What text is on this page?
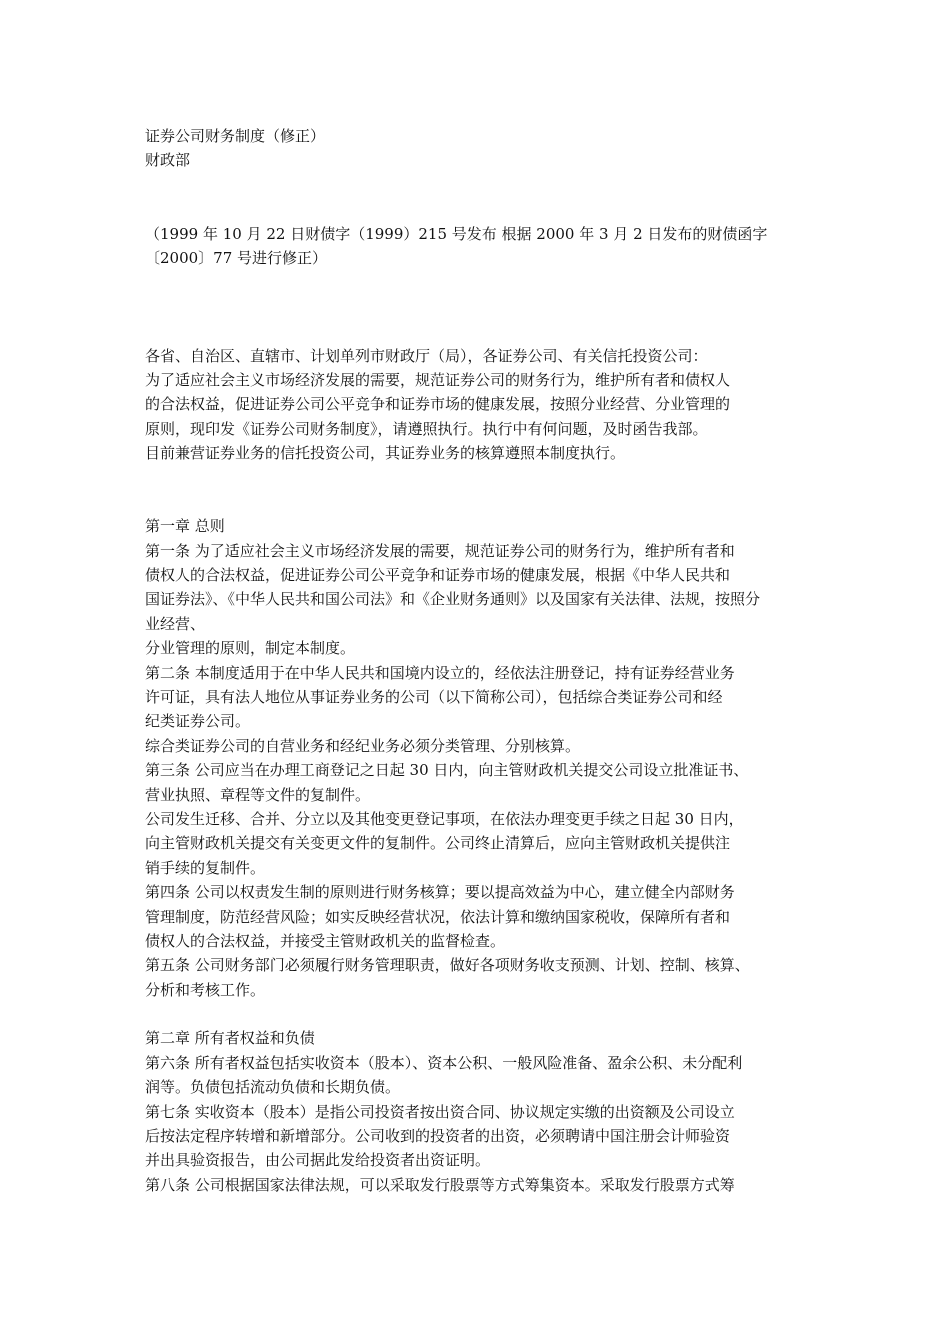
证券公司财务制度（修正）
财政部
（1999 年 10 月 22 日财债字（1999）215 号发布 根据 2000 年 3 月 2 日发布的财债函字
〔2000〕77 号进行修正）
各省、自治区、直辖市、计划单列市财政厅（局），各证券公司、有关信托投资公司：
为了适应社会主义市场经济发展的需要，规范证券公司的财务行为，维护所有者和债权人
的合法权益，促进证券公司公平竞争和证券市场的健康发展，按照分业经营、分业管理的
原则，现印发《证券公司财务制度》，请遵照执行。执行中有何问题，及时函告我部。
目前兼营证券业务的信托投资公司，其证券业务的核算遵照本制度执行。
第一章 总则
第一条 为了适应社会主义市场经济发展的需要，规范证券公司的财务行为，维护所有者和
债权人的合法权益，促进证券公司公平竞争和证券市场的健康发展，根据《中华人民共和
国证券法》、《中华人民共和国公司法》和《企业财务通则》以及国家有关法律、法规，按照分
业经营、
分业管理的原则，制定本制度。
第二条 本制度适用于在中华人民共和国境内设立的，经依法注册登记，持有证券经营业务
许可证，具有法人地位从事证券业务的公司（以下简称公司），包括综合类证券公司和经
纪类证券公司。
综合类证券公司的自营业务和经纪业务必须分类管理、分别核算。
第三条 公司应当在办理工商登记之日起 30 日内，向主管财政机关提交公司设立批准证书、
营业执照、章程等文件的复制件。
公司发生迁移、合并、分立以及其他变更登记事项，在依法办理变更手续之日起 30 日内，
向主管财政机关提交有关变更文件的复制件。公司终止清算后，应向主管财政机关提供注
销手续的复制件。
第四条 公司以权责发生制的原则进行财务核算；要以提高效益为中心，建立健全内部财务
管理制度，防范经营风险；如实反映经营状况，依法计算和缴纳国家税收，保障所有者和
债权人的合法权益，并接受主管财政机关的监督检查。
第五条 公司财务部门必须履行财务管理职责，做好各项财务收支预测、计划、控制、核算、
分析和考核工作。
第二章 所有者权益和负债
第六条 所有者权益包括实收资本（股本）、资本公积、一般风险准备、盈余公积、未分配利
润等。负债包括流动负债和长期负债。
第七条 实收资本（股本）是指公司投资者按出资合同、协议规定实缴的出资额及公司设立
后按法定程序转增和新增部分。公司收到的投资者的出资，必须聘请中国注册会计师验资
并出具验资报告，由公司据此发给投资者出资证明。
第八条 公司根据国家法律法规，可以采取发行股票等方式筹集资本。采取发行股票方式筹
